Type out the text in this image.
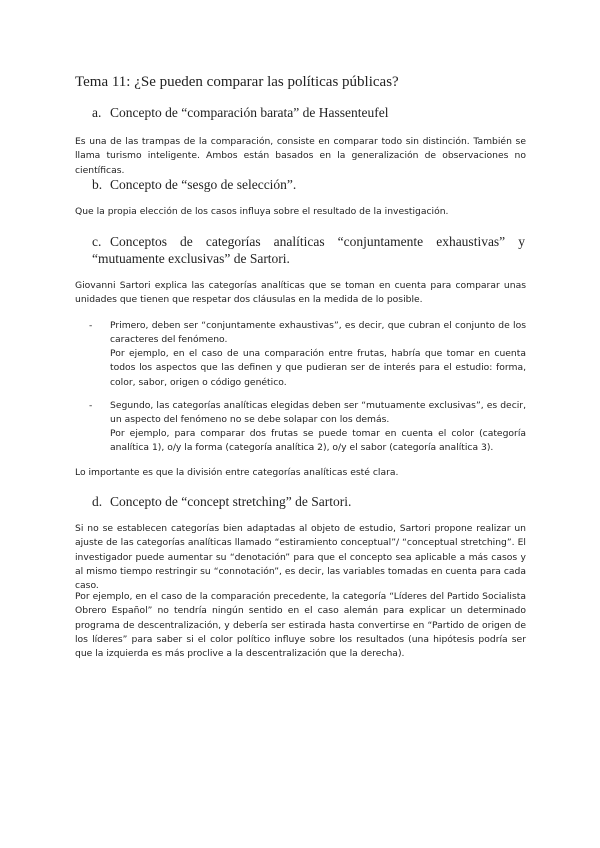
Tema 11: ¿Se pueden comparar las políticas públicas?
a. Concepto de “comparación barata” de Hassenteufel
Es una de las trampas de la comparación, consiste en comparar todo sin distinción. También se llama turismo inteligente. Ambos están basados en la generalización de observaciones no científicas.
b. Concepto de “sesgo de selección”.
Que la propia elección de los casos influya sobre el resultado de la investigación.
c. Conceptos de categorías analíticas “conjuntamente exhaustivas” y “mutuamente exclusivas” de Sartori.
Giovanni Sartori explica las categorías analíticas que se toman en cuenta para comparar unas unidades que tienen que respetar dos cláusulas en la medida de lo posible.
- Primero, deben ser “conjuntamente exhaustivas”, es decir, que cubran el conjunto de los caracteres del fenómeno.
Por ejemplo, en el caso de una comparación entre frutas, habría que tomar en cuenta todos los aspectos que las definen y que pudieran ser de interés para el estudio: forma, color, sabor, origen o código genético.
- Segundo, las categorías analíticas elegidas deben ser “mutuamente exclusivas”, es decir, un aspecto del fenómeno no se debe solapar con los demás.
Por ejemplo, para comparar dos frutas se puede tomar en cuenta el color (categoría analítica 1), o/y la forma (categoría analítica 2), o/y el sabor (categoría analítica 3).
Lo importante es que la división entre categorías analíticas esté clara.
d. Concepto de “concept stretching” de Sartori.
Si no se establecen categorías bien adaptadas al objeto de estudio, Sartori propone realizar un ajuste de las categorías analíticas llamado “estiramiento conceptual”/ “conceptual stretching”. El investigador puede aumentar su “denotación” para que el concepto sea aplicable a más casos y al mismo tiempo restringir su “connotación”, es decir, las variables tomadas en cuenta para cada caso.
Por ejemplo, en el caso de la comparación precedente, la categoría “Líderes del Partido Socialista Obrero Español” no tendría ningún sentido en el caso alemán para explicar un determinado programa de descentralización, y debería ser estirada hasta convertirse en “Partido de origen de los líderes” para saber si el color político influye sobre los resultados (una hipótesis podría ser que la izquierda es más proclive a la descentralización que la derecha).
